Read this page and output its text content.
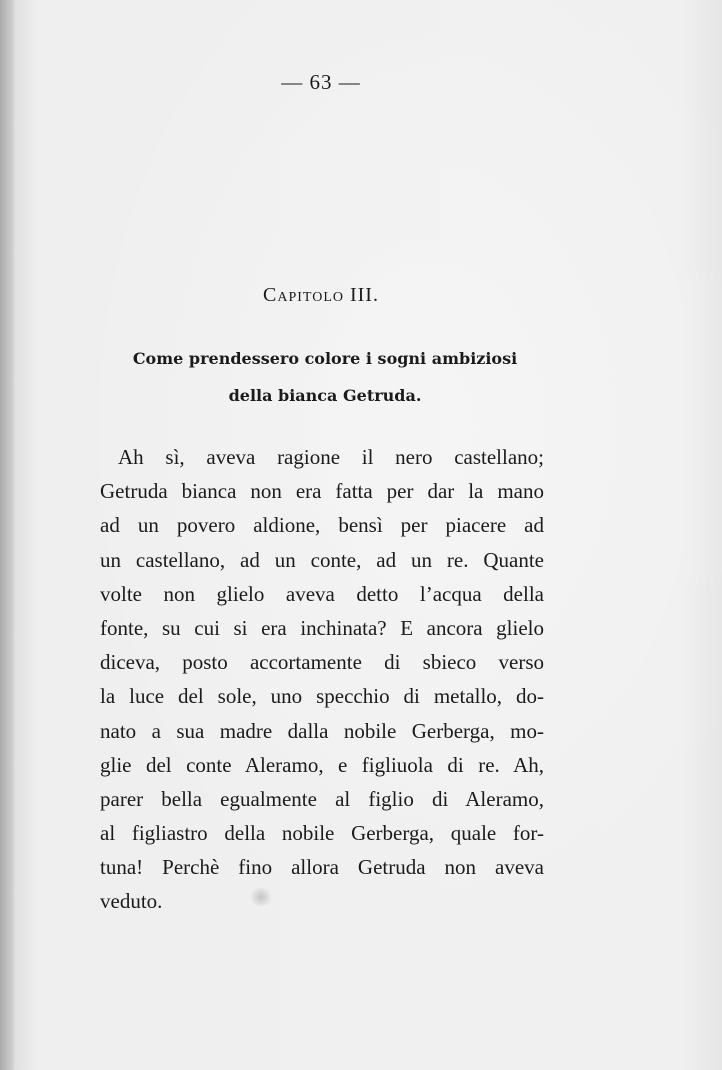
— 63 —
Capitolo III.
Come prendessero colore i sogni ambiziosi
della bianca Getruda.
Ah sì, aveva ragione il nero castellano;
Getruda bianca non era fatta per dar la mano
ad un povero aldione, bensì per piacere ad
un castellano, ad un conte, ad un re. Quante
volte non glielo aveva detto l’acqua della
fonte, su cui si era inchinata? E ancora glielo
diceva, posto accortamente di sbieco verso
la luce del sole, uno specchio di metallo, do-
nato a sua madre dalla nobile Gerberga, mo-
glie del conte Aleramo, e figliuola di re. Ah,
parer bella egualmente al figlio di Aleramo,
al figliastro della nobile Gerberga, quale for-
tuna! Perchè fino allora Getruda non aveva
veduto.
